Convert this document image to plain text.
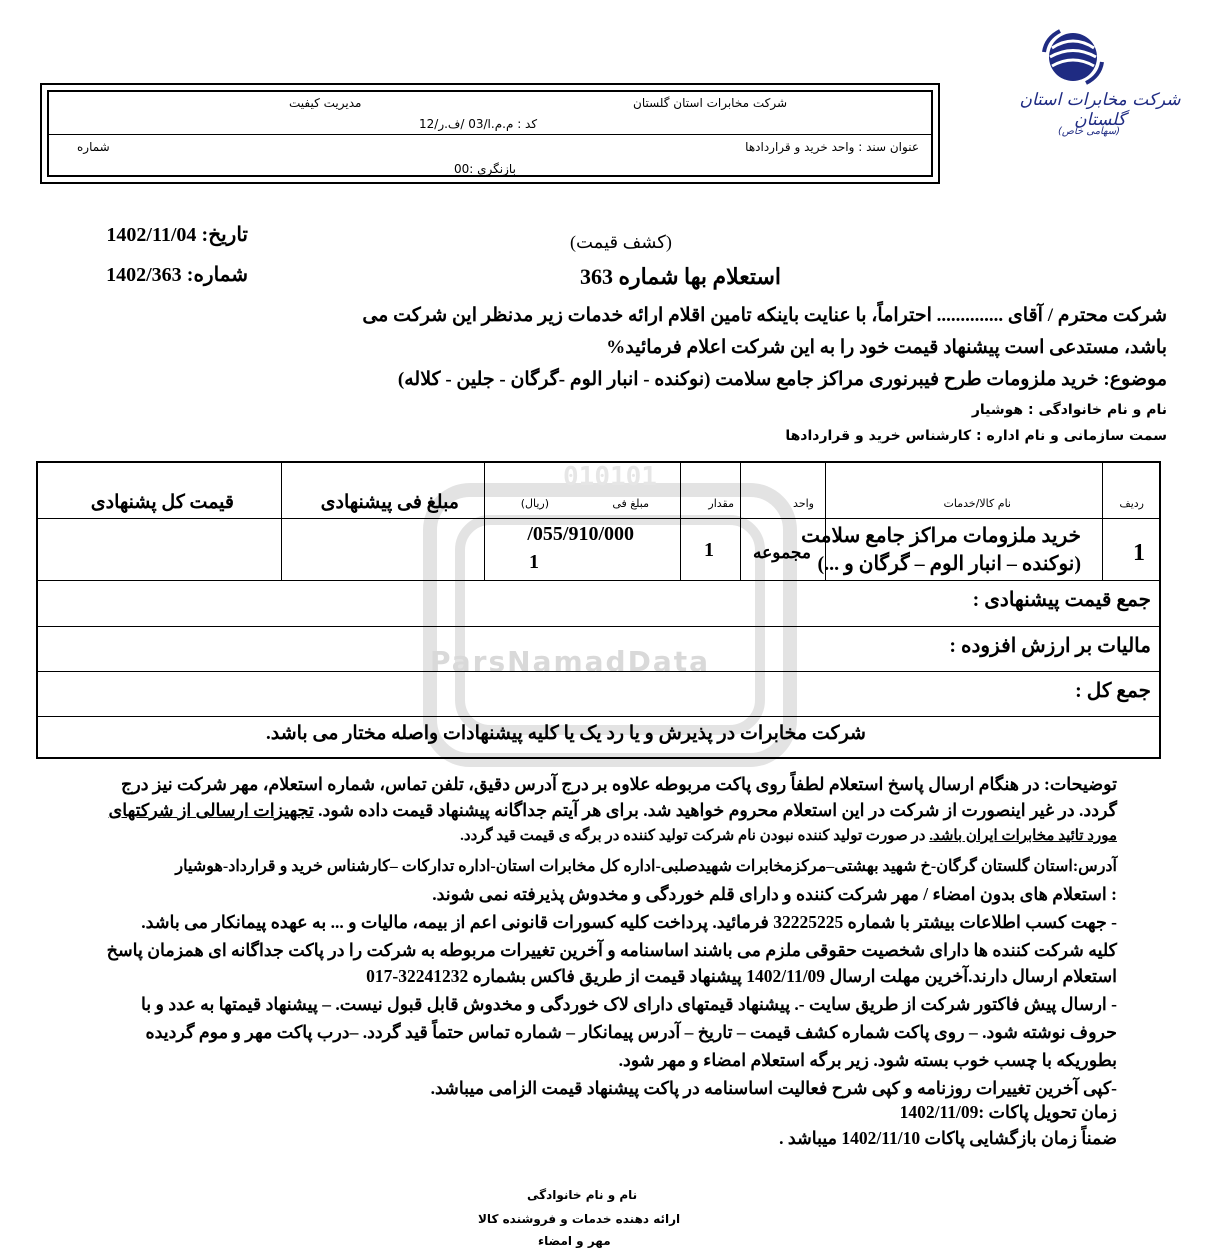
شرکت مخابرات استان گلستان
(سهامی خاص)
شرکت مخابرات استان گلستان
مدیریت کیفیت
کد : م.م.ا/03 /ف.ر/12
عنوان سند : واحد خرید و قراردادها
شماره
بازنگری :00
تاریخ: 1402/11/04
شماره: 1402/363
(کشف قیمت)
استعلام بها شماره 363
شرکت محترم / آقای .............. احتراماً، با عنایت باینکه تامین اقلام ارائه خدمات زیر مدنظر این شرکت می
باشد، مستدعی است پیشنهاد قیمت خود را به این شرکت اعلام فرمائید%
موضوع: خرید ملزومات طرح فیبرنوری مراکز جامع سلامت (نوکنده - انبار الوم -گرگان - جلین - کلاله)
نام و نام خانوادگی : هوشیار
سمت سازمانی و نام اداره : کارشناس خرید و قراردادها
010101
ParsNamadData
ردیف
نام کالا/خدمات
واحد
مقدار
مبلغ فی
(ریال)
مبلغ فی پیشنهادی
قیمت کل پشنهادی
1
خرید ملزومات مراکز جامع سلامت
(نوکنده – انبار الوم – گرگان و ...)
مجموعه
1
/055/910/000
1
جمع قیمت پیشنهادی :
مالیات بر ارزش افزوده :
جمع کل :
شرکت مخابرات در پذیرش و یا رد یک یا کلیه پیشنهادات واصله مختار می باشد.
توضیحات: در هنگام ارسال پاسخ استعلام لطفاً روی پاکت مربوطه علاوه بر درج آدرس دقیق، تلفن تماس، شماره استعلام، مهر شرکت نیز درج
گردد. در غیر اینصورت از شرکت در این استعلام محروم خواهید شد. برای هر آیتم جداگانه پیشنهاد قیمت داده شود. تجهیزات ارسالی از شرکتهای
مورد تائید مخابرات ایران باشد. در صورت تولید کننده نبودن نام شرکت تولید کننده در برگه ی قیمت قید گردد.
آدرس:استان گلستان گرگان-خ شهید بهشتی–مرکزمخابرات شهیدصلبی-اداره کل مخابرات استان-اداره تدارکات –کارشناس خرید و قرارداد-هوشیار
: استعلام های بدون امضاء / مهر شرکت کننده و دارای قلم خوردگی و مخدوش پذیرفته نمی شوند.
- جهت کسب اطلاعات بیشتر با شماره 32225225 فرمائید. پرداخت کلیه کسورات قانونی اعم از بیمه، مالیات و ... به عهده پیمانکار می باشد.
کلیه شرکت کننده ها دارای شخصیت حقوقی ملزم می باشند اساسنامه و آخرین تغییرات مربوطه به شرکت را در پاکت جداگانه ای همزمان پاسخ
استعلام ارسال دارند.آخرین مهلت ارسال 1402/11/09 پیشنهاد قیمت از طریق فاکس بشماره 32241232-017
- ارسال پیش فاکتور شرکت از طریق سایت -. پیشنهاد قیمتهای دارای لاک خوردگی و مخدوش قابل قبول نیست. – پیشنهاد قیمتها به عدد و با
حروف نوشته شود. – روی پاکت شماره کشف قیمت – تاریخ – آدرس پیمانکار – شماره تماس حتماً قید گردد. –درب پاکت مهر و موم گردیده
بطوریکه با چسب خوب بسته شود. زیر برگه استعلام امضاء و مهر شود.
-کپی آخرین تغییرات روزنامه و کپی شرح فعالیت اساسنامه در پاکت پیشنهاد قیمت الزامی میباشد.
زمان تحویل پاکات :1402/11/09
ضمناً زمان بازگشایی پاکات 1402/11/10 میباشد .
نام و نام خانوادگی
ارائه دهنده خدمات و فروشنده کالا
مهر و امضاء
